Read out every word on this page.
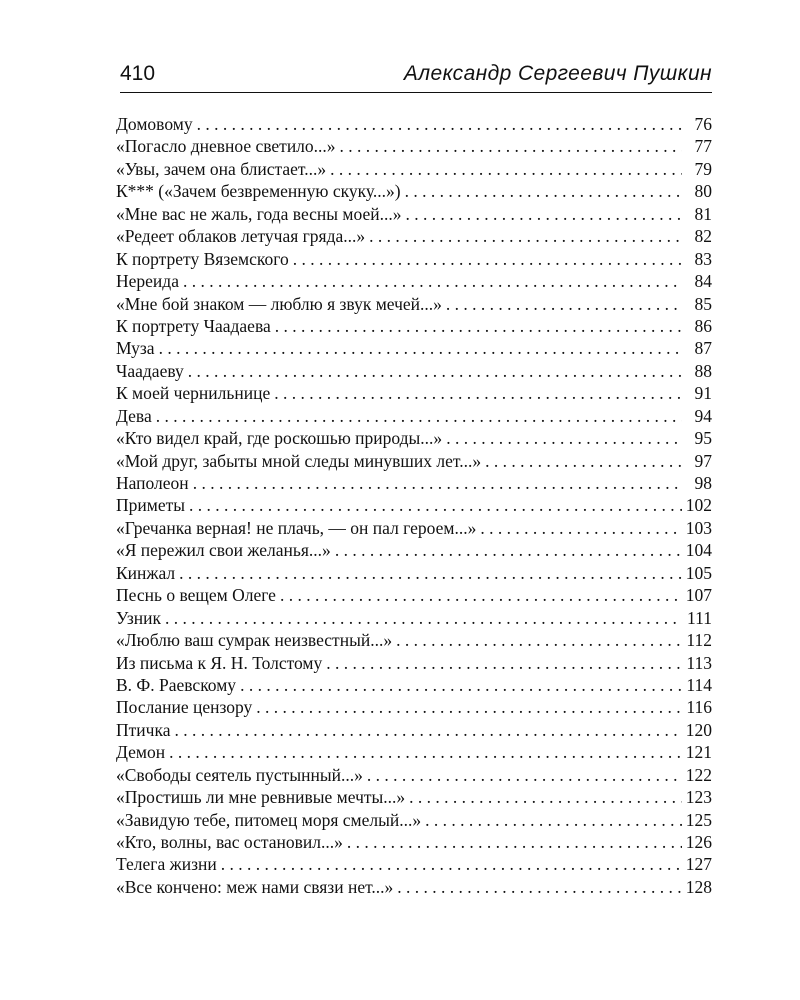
410	Александр Сергеевич Пушкин
Домовому . . .	76
«Погасло дневное светило...» . . .	77
«Увы, зачем она блистает...» . . .	79
К*** («Зачем безвременную скуку...») . . .	80
«Мне вас не жаль, года весны моей...» . . .	81
«Редеет облаков летучая гряда...» . . .	82
К портрету Вяземского . . .	83
Нереида . . .	84
«Мне бой знаком — люблю я звук мечей...» . . .	85
К портрету Чаадаева . . .	86
Муза . . .	87
Чаадаеву . . .	88
К моей чернильнице . . .	91
Дева . . .	94
«Кто видел край, где роскошью природы...» . . .	95
«Мой друг, забыты мной следы минувших лет...» . . .	97
Наполеон . . .	98
Приметы . . .	102
«Гречанка верная! не плачь, — он пал героем...» . . .	103
«Я пережил свои желанья...» . . .	104
Кинжал . . .	105
Песнь о вещем Олеге . . .	107
Узник . . .	111
«Люблю ваш сумрак неизвестный...» . . .	112
Из письма к Я. Н. Толстому . . .	113
В. Ф. Раевскому . . .	114
Послание цензору . . .	116
Птичка . . .	120
Демон . . .	121
«Свободы сеятель пустынный...» . . .	122
«Простишь ли мне ревнивые мечты...» . . .	123
«Завидую тебе, питомец моря смелый...» . . .	125
«Кто, волны, вас остановил...» . . .	126
Телега жизни . . .	127
«Все кончено: меж нами связи нет...» . . .	128
